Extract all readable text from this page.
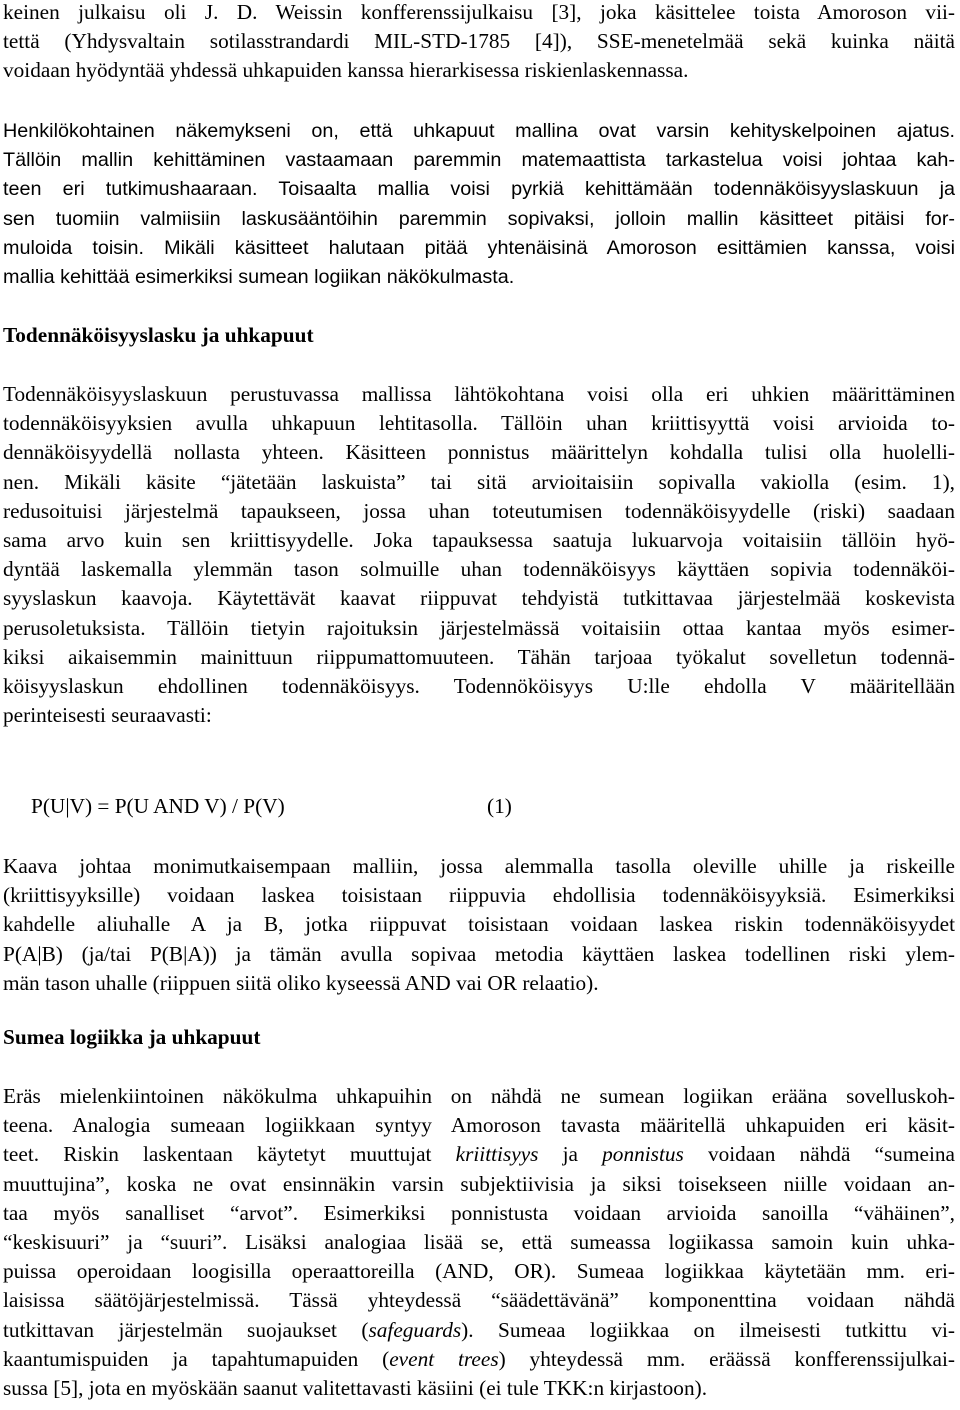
keinen julkaisu oli J. D. Weissin konfferenssijulkaisu [3], joka käsittelee toista Amoroson vii-
tettä (Yhdysvaltain sotilasstrandardi MIL-STD-1785 [4]), SSE-menetelmää sekä kuinka näitä
voidaan hyödyntää yhdessä uhkapuiden kanssa hierarkisessa riskienlaskennassa.
Henkilökohtainen näkemykseni on, että uhkapuut mallina ovat varsin kehityskelpoinen ajatus.
Tällöin mallin kehittäminen vastaamaan paremmin matemaattista tarkastelua voisi johtaa kah-
teen eri tutkimushaaraan. Toisaalta mallia voisi pyrkiä kehittämään todennäköisyyslaskuun ja
sen tuomiin valmiisiin laskusääntöihin paremmin sopivaksi, jolloin mallin käsitteet pitäisi for-
muloida toisin. Mikäli käsitteet halutaan pitää yhtenäisinä Amoroson esittämien kanssa, voisi
mallia kehittää esimerkiksi sumean logiikan näkökulmasta.
Todennäköisyyslasku ja uhkapuut
Todennäköisyyslaskuun perustuvassa mallissa lähtökohtana voisi olla eri uhkien määrittäminen
todennäköisyyksien avulla uhkapuun lehtitasolla. Tällöin uhan kriittisyyttä voisi arvioida to-
dennäköisyydellä nollasta yhteen. Käsitteen ponnistus määrittelyn kohdalla tulisi olla huolelli-
nen. Mikäli käsite “jätetään laskuista” tai sitä arvioitaisiin sopivalla vakiolla (esim. 1),
redusoituisi järjestelmä tapaukseen, jossa uhan toteutumisen todennäköisyydelle (riski) saadaan
sama arvo kuin sen kriittisyydelle. Joka tapauksessa saatuja lukuarvoja voitaisiin tällöin hyö-
dyntää laskemalla ylemmän tason solmuille uhan todennäköisyys käyttäen sopivia todennäköi-
syyslaskun kaavoja. Käytettävät kaavat riippuvat tehdyistä tutkittavaa järjestelmää koskevista
perusoletuksista. Tällöin tietyin rajoituksin järjestelmässä voitaisiin ottaa kantaa myös esimer-
kiksi aikaisemmin mainittuun riippumattomuuteen. Tähän tarjoaa työkalut sovelletun todennä-
köisyyslaskun ehdollinen todennäköisyys. Todennököisyys U:lle ehdolla V määritellään
perinteisesti seuraavasti:
P(U|V) = P(U AND V) / P(V)	(1)
Kaava johtaa monimutkaisempaan malliin, jossa alemmalla tasolla oleville uhille ja riskeille
(kriittisyyksille) voidaan laskea toisistaan riippuvia ehdollisia todennäköisyyksiä. Esimerkiksi
kahdelle aliuhalle A ja B, jotka riippuvat toisistaan voidaan laskea riskin todennäköisyydet
P(A|B) (ja/tai P(B|A)) ja tämän avulla sopivaa metodia käyttäen laskea todellinen riski ylem-
män tason uhalle (riippuen siitä oliko kyseessä AND vai OR relaatio).
Sumea logiikka ja uhkapuut
Eräs mielenkiintoinen näkökulma uhkapuihin on nähdä ne sumean logiikan erääna sovelluskoh-
teena. Analogia sumeaan logiikkaan syntyy Amoroson tavasta määritellä uhkapuiden eri käsit-
teet. Riskin laskentaan käytetyt muuttujat kriittisyys ja ponnistus voidaan nähdä “sumeina
muuttujina”, koska ne ovat ensinnäkin varsin subjektiivisia ja siksi toisekseen niille voidaan an-
taa myös sanalliset “arvot”. Esimerkiksi ponnistusta voidaan arvioida sanoilla “vähäinen”,
“keskisuuri” ja “suuri”. Lisäksi analogiaa lisää se, että sumeassa logiikassa samoin kuin uhka-
puissa operoidaan loogisilla operaattoreilla (AND, OR). Sumeaa logiikkaa käytetään mm. eri-
laisissa säätöjärjestelmissä. Tässä yhteydessä “säädettävänä” komponenttina voidaan nähdä
tutkittavan järjestelmän suojaukset (safeguards). Sumeaa logiikkaa on ilmeisesti tutkittu vi-
kaantumispuiden ja tapahtumapuiden (event trees) yhteydessä mm. eräässä konfferenssijulkai-
sussa [5], jota en myöskään saanut valitettavasti käsiini (ei tule TKK:n kirjastoon).
